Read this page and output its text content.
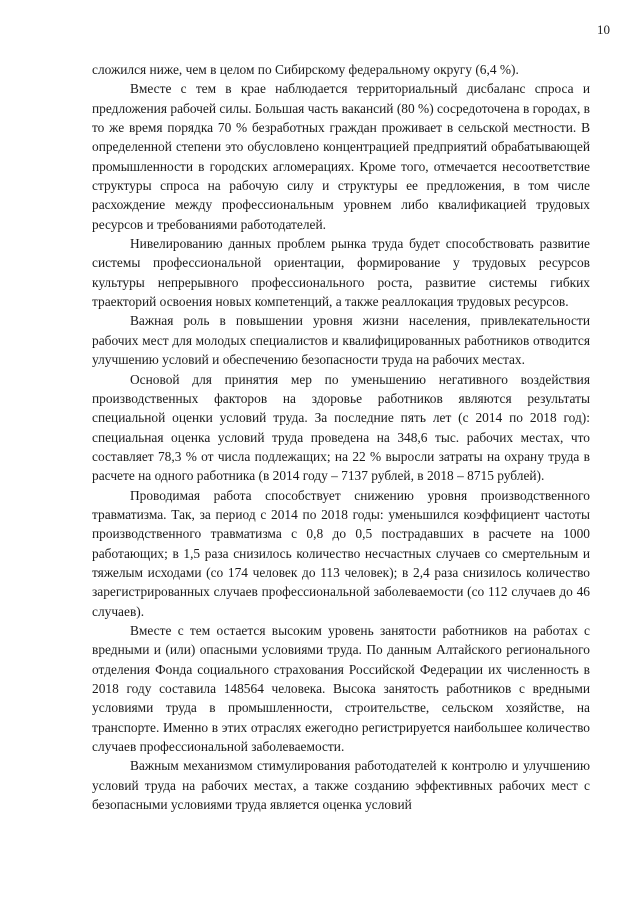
10

сложился ниже, чем в целом по Сибирскому федеральному округу (6,4 %).

Вместе с тем в крае наблюдается территориальный дисбаланс спроса и предложения рабочей силы. Большая часть вакансий (80 %) сосредоточена в городах, в то же время порядка 70 % безработных граждан проживает в сельской местности. В определенной степени это обусловлено концентрацией предприятий обрабатывающей промышленности в городских агломерациях. Кроме того, отмечается несоответствие структуры спроса на рабочую силу и структуры ее предложения, в том числе расхождение между профессиональным уровнем либо квалификацией трудовых ресурсов и требованиями работодателей.

Нивелированию данных проблем рынка труда будет способствовать развитие системы профессиональной ориентации, формирование у трудовых ресурсов культуры непрерывного профессионального роста, развитие системы гибких траекторий освоения новых компетенций, а также реаллокация трудовых ресурсов.

Важная роль в повышении уровня жизни населения, привлекательности рабочих мест для молодых специалистов и квалифицированных работников отводится улучшению условий и обеспечению безопасности труда на рабочих местах.

Основой для принятия мер по уменьшению негативного воздействия производственных факторов на здоровье работников являются результаты специальной оценки условий труда. За последние пять лет (с 2014 по 2018 год): специальная оценка условий труда проведена на 348,6 тыс. рабочих местах, что составляет 78,3 % от числа подлежащих; на 22 % выросли затраты на охрану труда в расчете на одного работника (в 2014 году – 7137 рублей, в 2018 – 8715 рублей).

Проводимая работа способствует снижению уровня производственного травматизма. Так, за период с 2014 по 2018 годы: уменьшился коэффициент частоты производственного травматизма с 0,8 до 0,5 пострадавших в расчете на 1000 работающих; в 1,5 раза снизилось количество несчастных случаев со смертельным и тяжелым исходами (со 174 человек до 113 человек); в 2,4 раза снизилось количество зарегистрированных случаев профессиональной заболеваемости (со 112 случаев до 46 случаев).

Вместе с тем остается высоким уровень занятости работников на работах с вредными и (или) опасными условиями труда. По данным Алтайского регионального отделения Фонда социального страхования Российской Федерации их численность в 2018 году составила 148564 человека. Высока занятость работников с вредными условиями труда в промышленности, строительстве, сельском хозяйстве, на транспорте. Именно в этих отраслях ежегодно регистрируется наибольшее количество случаев профессиональной заболеваемости.

Важным механизмом стимулирования работодателей к контролю и улучшению условий труда на рабочих местах, а также созданию эффективных рабочих мест с безопасными условиями труда является оценка условий
